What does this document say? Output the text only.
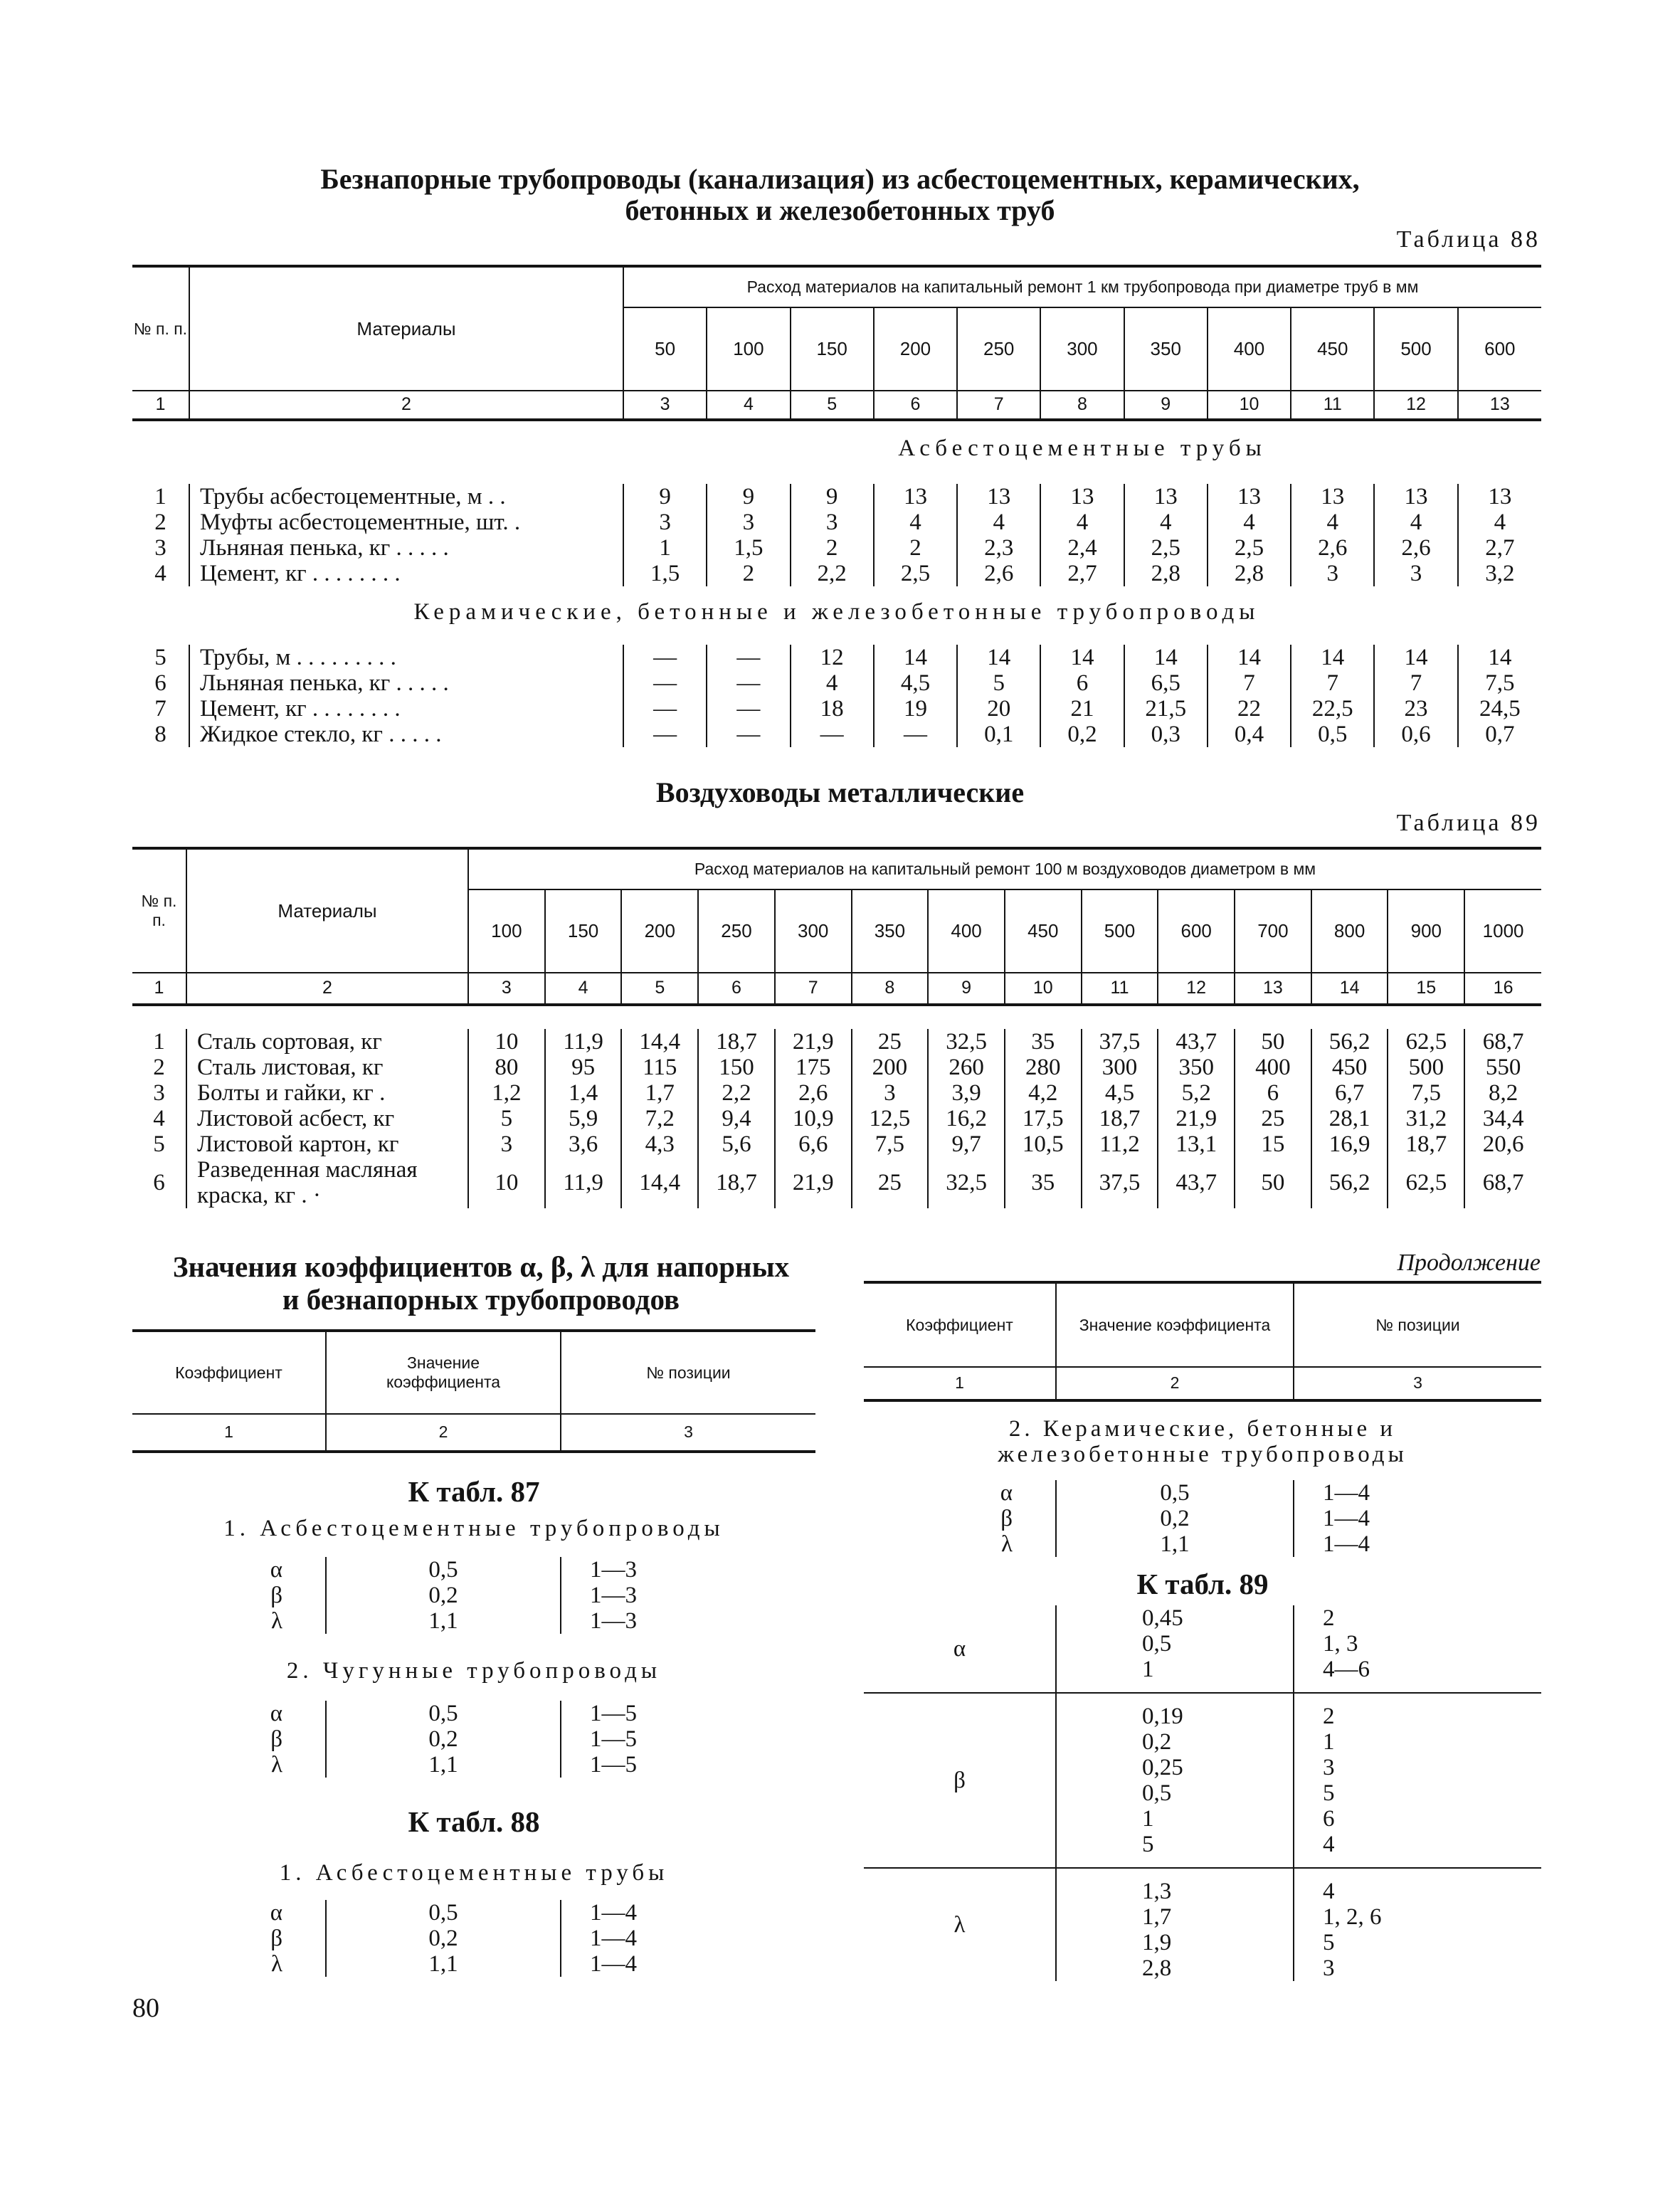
Безнапорные трубопроводы (канализация) из асбестоцементных, керамических,
бетонных и железобетонных труб
Таблица 88
№ п. п.	Материалы	Расход материалов на капитальный ремонт 1 км трубопровода при диаметре труб в мм										
		50	100	150	200	250	300	350	400	450	500	600
1	2	3	4	5	6	7	8	9	10	11	12	13
Асбестоцементные трубы
1	Трубы асбестоцементные, м . .	9	9	9	13	13	13	13	13	13	13	13
2	Муфты асбестоцементные, шт. .	3	3	3	4	4	4	4	4	4	4	4
3	Льняная пенька, кг . . . . .	1	1,5	2	2	2,3	2,4	2,5	2,5	2,6	2,6	2,7
4	Цемент, кг . . . . . . . .	1,5	2	2,2	2,5	2,6	2,7	2,8	2,8	3	3	3,2
Керамические, бетонные и железобетонные трубопроводы
5	Трубы, м . . . . . . . . .	—	—	12	14	14	14	14	14	14	14	14
6	Льняная пенька, кг . . . . .	—	—	4	4,5	5	6	6,5	7	7	7	7,5
7	Цемент, кг . . . . . . . .	—	—	18	19	20	21	21,5	22	22,5	23	24,5
8	Жидкое стекло, кг . . . . .	—	—	—	—	0,1	0,2	0,3	0,4	0,5	0,6	0,7
Воздуховоды металлические
Таблица 89
№ п. п.	Материалы	Расход материалов на капитальный ремонт 100 м воздуховодов диаметром в мм													
		100	150	200	250	300	350	400	450	500	600	700	800	900	1000
1	2	3	4	5	6	7	8	9	10	11	12	13	14	15	16
1	Сталь сортовая, кг	10	11,9	14,4	18,7	21,9	25	32,5	35	37,5	43,7	50	56,2	62,5	68,7
2	Сталь листовая, кг	80	95	115	150	175	200	260	280	300	350	400	450	500	550
3	Болты и гайки, кг .	1,2	1,4	1,7	2,2	2,6	3	3,9	4,2	4,5	5,2	6	6,7	7,5	8,2
4	Листовой асбест, кг	5	5,9	7,2	9,4	10,9	12,5	16,2	17,5	18,7	21,9	25	28,1	31,2	34,4
5	Листовой картон, кг	3	3,6	4,3	5,6	6,6	7,5	9,7	10,5	11,2	13,1	15	16,9	18,7	20,6
6	Разведенная масляная краска, кг . ·	10	11,9	14,4	18,7	21,9	25	32,5	35	37,5	43,7	50	56,2	62,5	68,7
Значения коэффициентов α, β, λ для напорных
и безнапорных трубопроводов
Коэффициент	Значение коэффициента	№ позиции
1	2	3
К табл. 87
1. Асбестоцементные трубопроводы
α	0,5	1—3
β	0,2	1—3
λ	1,1	1—3
2. Чугунные трубопроводы
α	0,5	1—5
β	0,2	1—5
λ	1,1	1—5
К табл. 88
1. Асбестоцементные трубы
α	0,5	1—4
β	0,2	1—4
λ	1,1	1—4
Продолжение
Коэффициент	Значение коэффициента	№ позиции
1	2	3
2. Керамические, бетонные и
железобетонные трубопроводы
α	0,5	1—4
β	0,2	1—4
λ	1,1	1—4
К табл. 89
α	0,45	2
	0,5	1, 3
	1	4—6
β	0,19	2
	0,2	1
	0,25	3
	0,5	5
	1	6
	5	4
λ	1,3	4
	1,7	1, 2, 6
	1,9	5
	2,8	3
80
